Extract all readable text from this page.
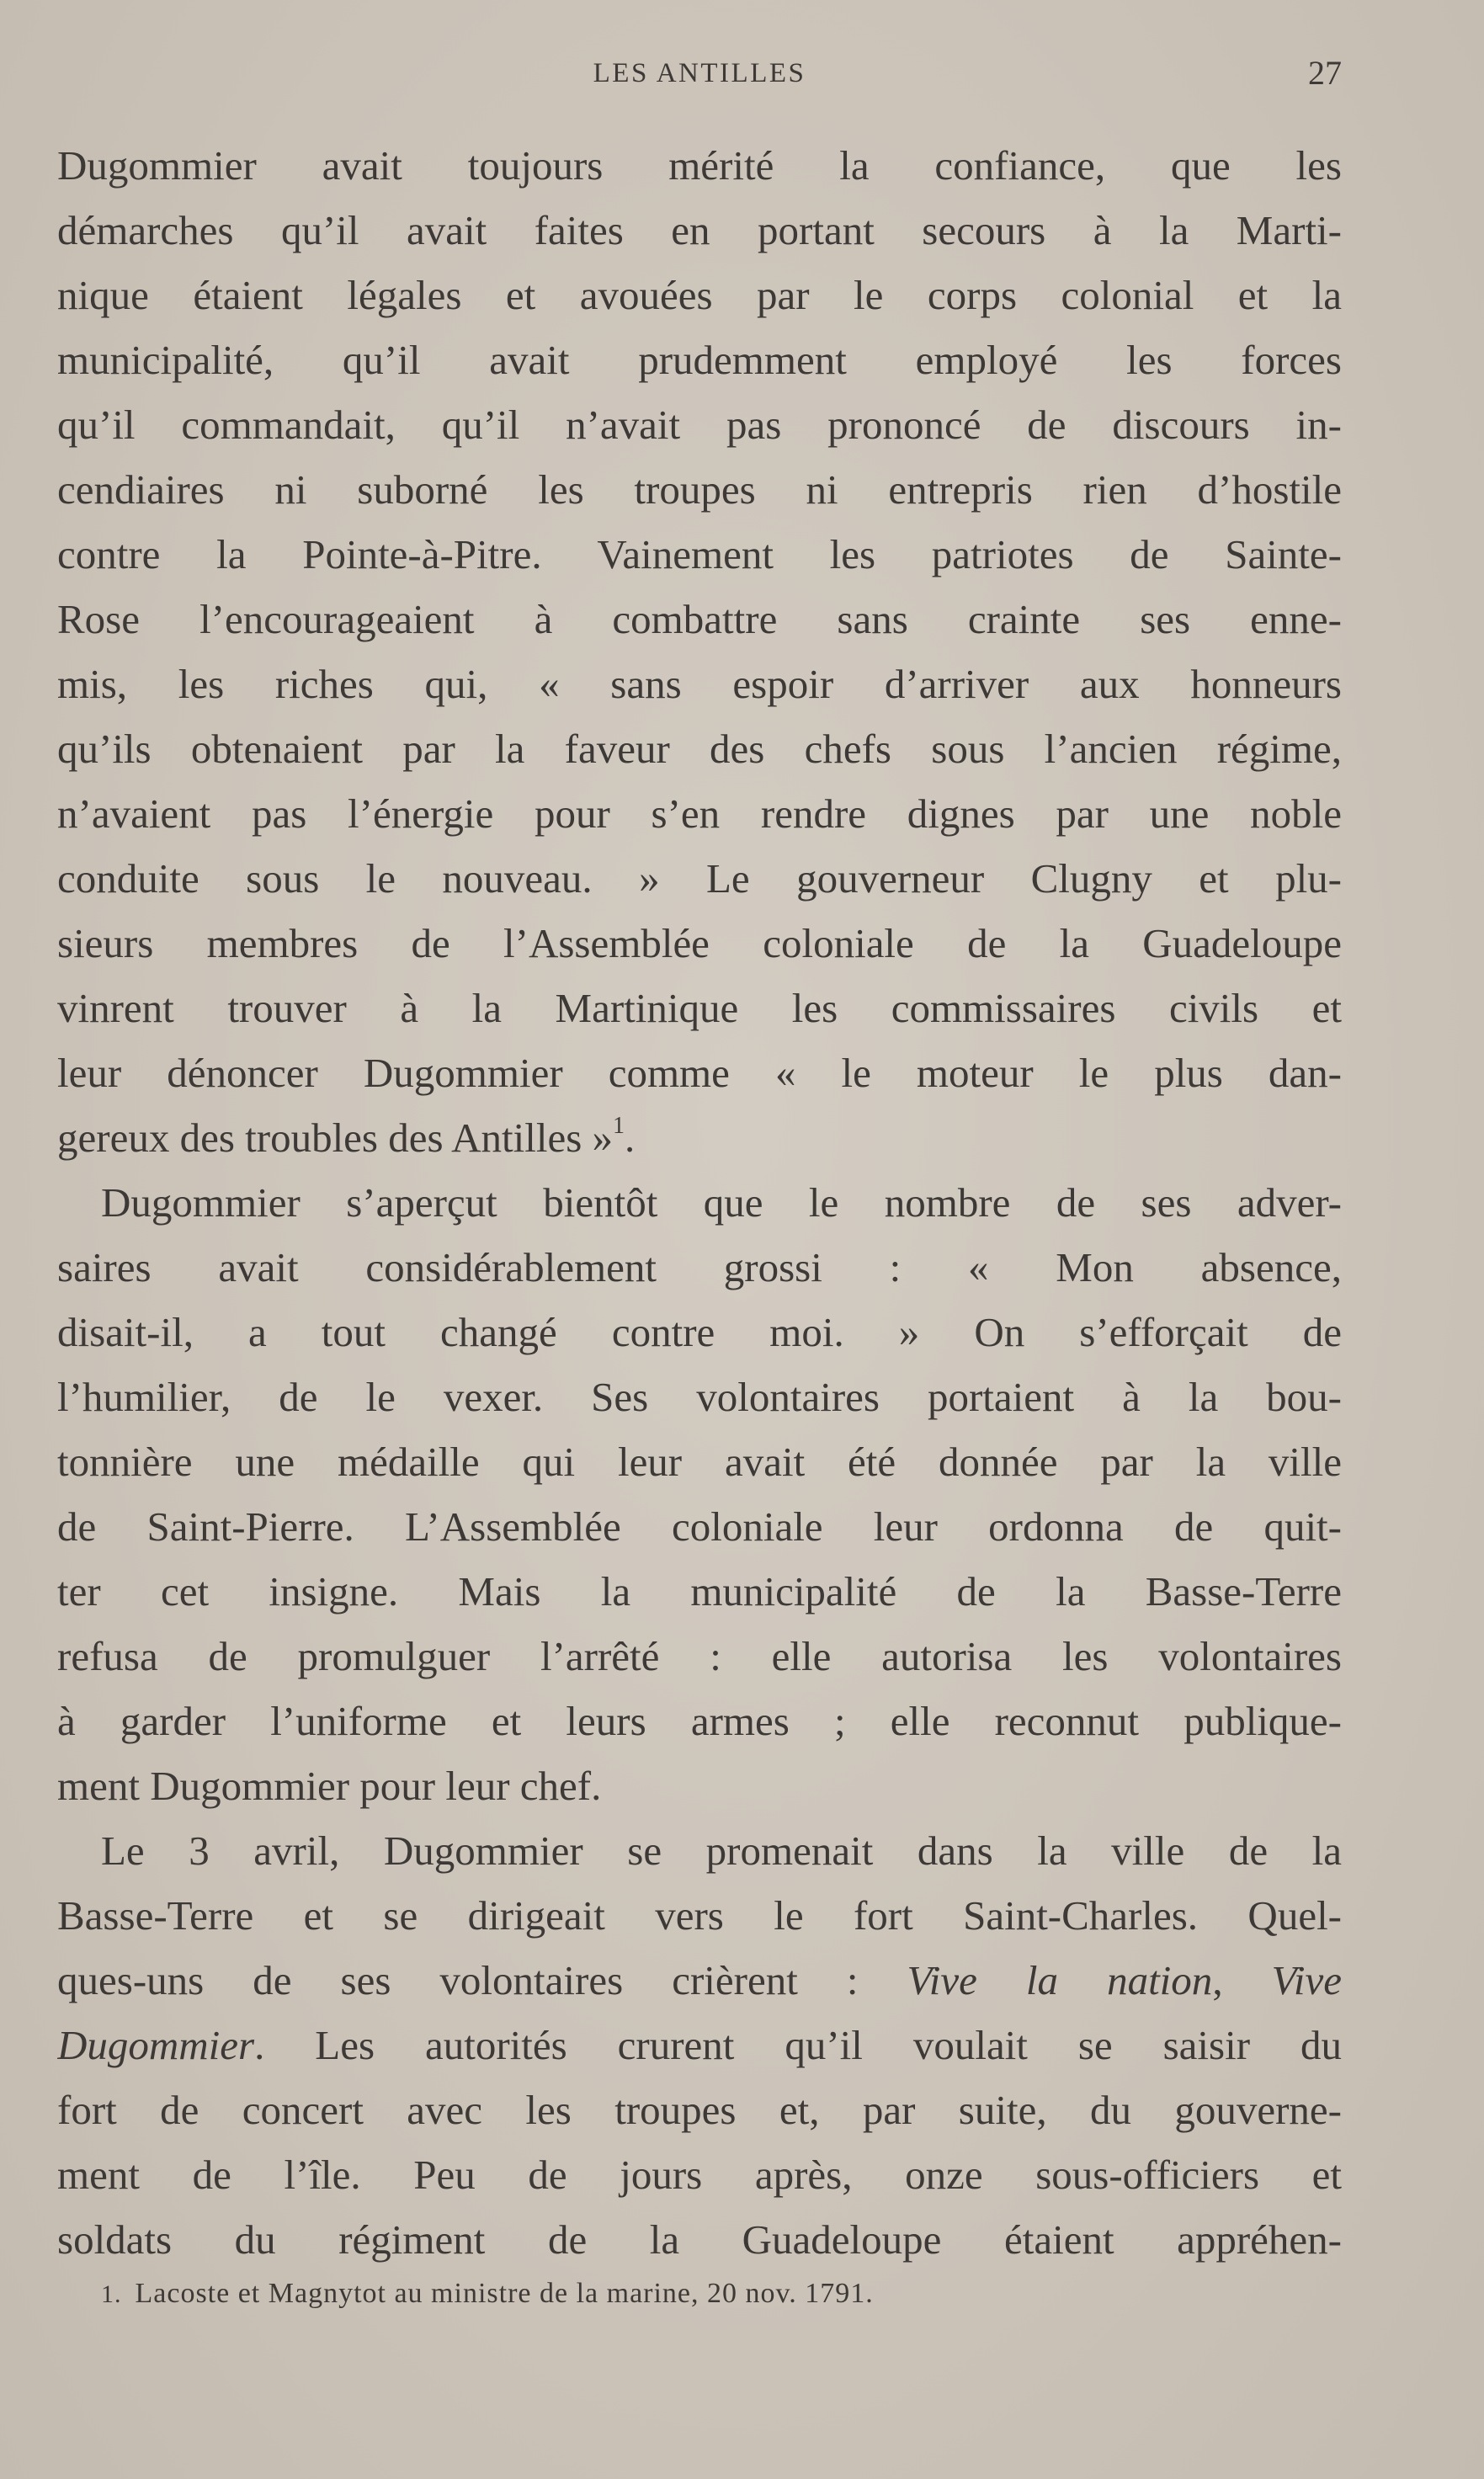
LES ANTILLES	27
Dugommier avait toujours mérité la confiance, que les
démarches qu’il avait faites en portant secours à la Marti-
nique étaient légales et avouées par le corps colonial et la
municipalité, qu’il avait prudemment employé les forces
qu’il commandait, qu’il n’avait pas prononcé de discours in-
cendiaires ni suborné les troupes ni entrepris rien d’hostile
contre la Pointe-à-Pitre. Vainement les patriotes de Sainte-
Rose l’encourageaient à combattre sans crainte ses enne-
mis, les riches qui, « sans espoir d’arriver aux honneurs
qu’ils obtenaient par la faveur des chefs sous l’ancien régime,
n’avaient pas l’énergie pour s’en rendre dignes par une noble
conduite sous le nouveau. » Le gouverneur Clugny et plu-
sieurs membres de l’Assemblée coloniale de la Guadeloupe
vinrent trouver à la Martinique les commissaires civils et
leur dénoncer Dugommier comme « le moteur le plus dan-
gereux des troubles des Antilles »$^1$.
Dugommier s’aperçut bientôt que le nombre de ses adver-
saires avait considérablement grossi : « Mon absence,
disait-il, a tout changé contre moi. » On s’efforçait de
l’humilier, de le vexer. Ses volontaires portaient à la bou-
tonnière une médaille qui leur avait été donnée par la ville
de Saint-Pierre. L’Assemblée coloniale leur ordonna de quit-
ter cet insigne. Mais la municipalité de la Basse-Terre
refusa de promulguer l’arrêté : elle autorisa les volontaires
à garder l’uniforme et leurs armes ; elle reconnut publique-
ment Dugommier pour leur chef.
Le 3 avril, Dugommier se promenait dans la ville de la
Basse-Terre et se dirigeait vers le fort Saint-Charles. Quel-
ques-uns de ses volontaires crièrent : Vive la nation, Vive
Dugommier. Les autorités crurent qu’il voulait se saisir du
fort de concert avec les troupes et, par suite, du gouverne-
ment de l’île. Peu de jours après, onze sous-officiers et
soldats du régiment de la Guadeloupe étaient appréhen-
1. Lacoste et Magnytot au ministre de la marine, 20 nov. 1791.
